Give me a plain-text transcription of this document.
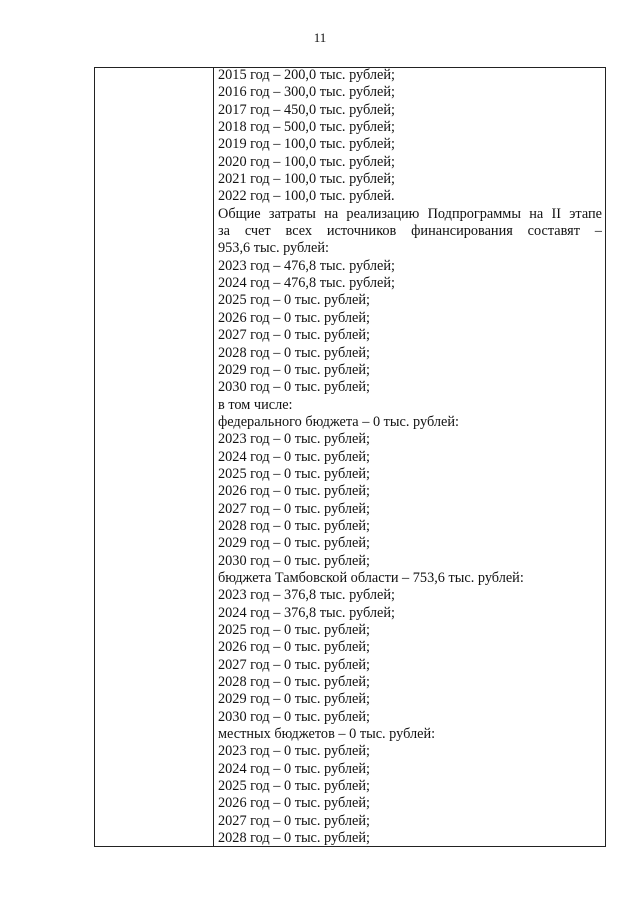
11
2015 год – 200,0 тыс. рублей;
2016 год – 300,0 тыс. рублей;
2017 год – 450,0 тыс. рублей;
2018 год – 500,0 тыс. рублей;
2019 год – 100,0 тыс. рублей;
2020 год – 100,0 тыс. рублей;
2021 год – 100,0 тыс. рублей;
2022 год – 100,0 тыс. рублей.
Общие затраты на реализацию Подпрограммы на II этапе
за счет всех источников финансирования составят –
953,6 тыс. рублей:
2023 год – 476,8 тыс. рублей;
2024 год – 476,8 тыс. рублей;
2025 год – 0 тыс. рублей;
2026 год – 0 тыс. рублей;
2027 год – 0 тыс. рублей;
2028 год – 0 тыс. рублей;
2029 год – 0 тыс. рублей;
2030 год – 0 тыс. рублей;
в том числе:
федерального бюджета – 0 тыс. рублей:
2023 год – 0 тыс. рублей;
2024 год – 0 тыс. рублей;
2025 год – 0 тыс. рублей;
2026 год – 0 тыс. рублей;
2027 год – 0 тыс. рублей;
2028 год – 0 тыс. рублей;
2029 год – 0 тыс. рублей;
2030 год – 0 тыс. рублей;
бюджета Тамбовской области – 753,6 тыс. рублей:
2023 год – 376,8 тыс. рублей;
2024 год – 376,8 тыс. рублей;
2025 год – 0 тыс. рублей;
2026 год – 0 тыс. рублей;
2027 год – 0 тыс. рублей;
2028 год – 0 тыс. рублей;
2029 год – 0 тыс. рублей;
2030 год – 0 тыс. рублей;
местных бюджетов – 0 тыс. рублей:
2023 год – 0 тыс. рублей;
2024 год – 0 тыс. рублей;
2025 год – 0 тыс. рублей;
2026 год – 0 тыс. рублей;
2027 год – 0 тыс. рублей;
2028 год – 0 тыс. рублей;
